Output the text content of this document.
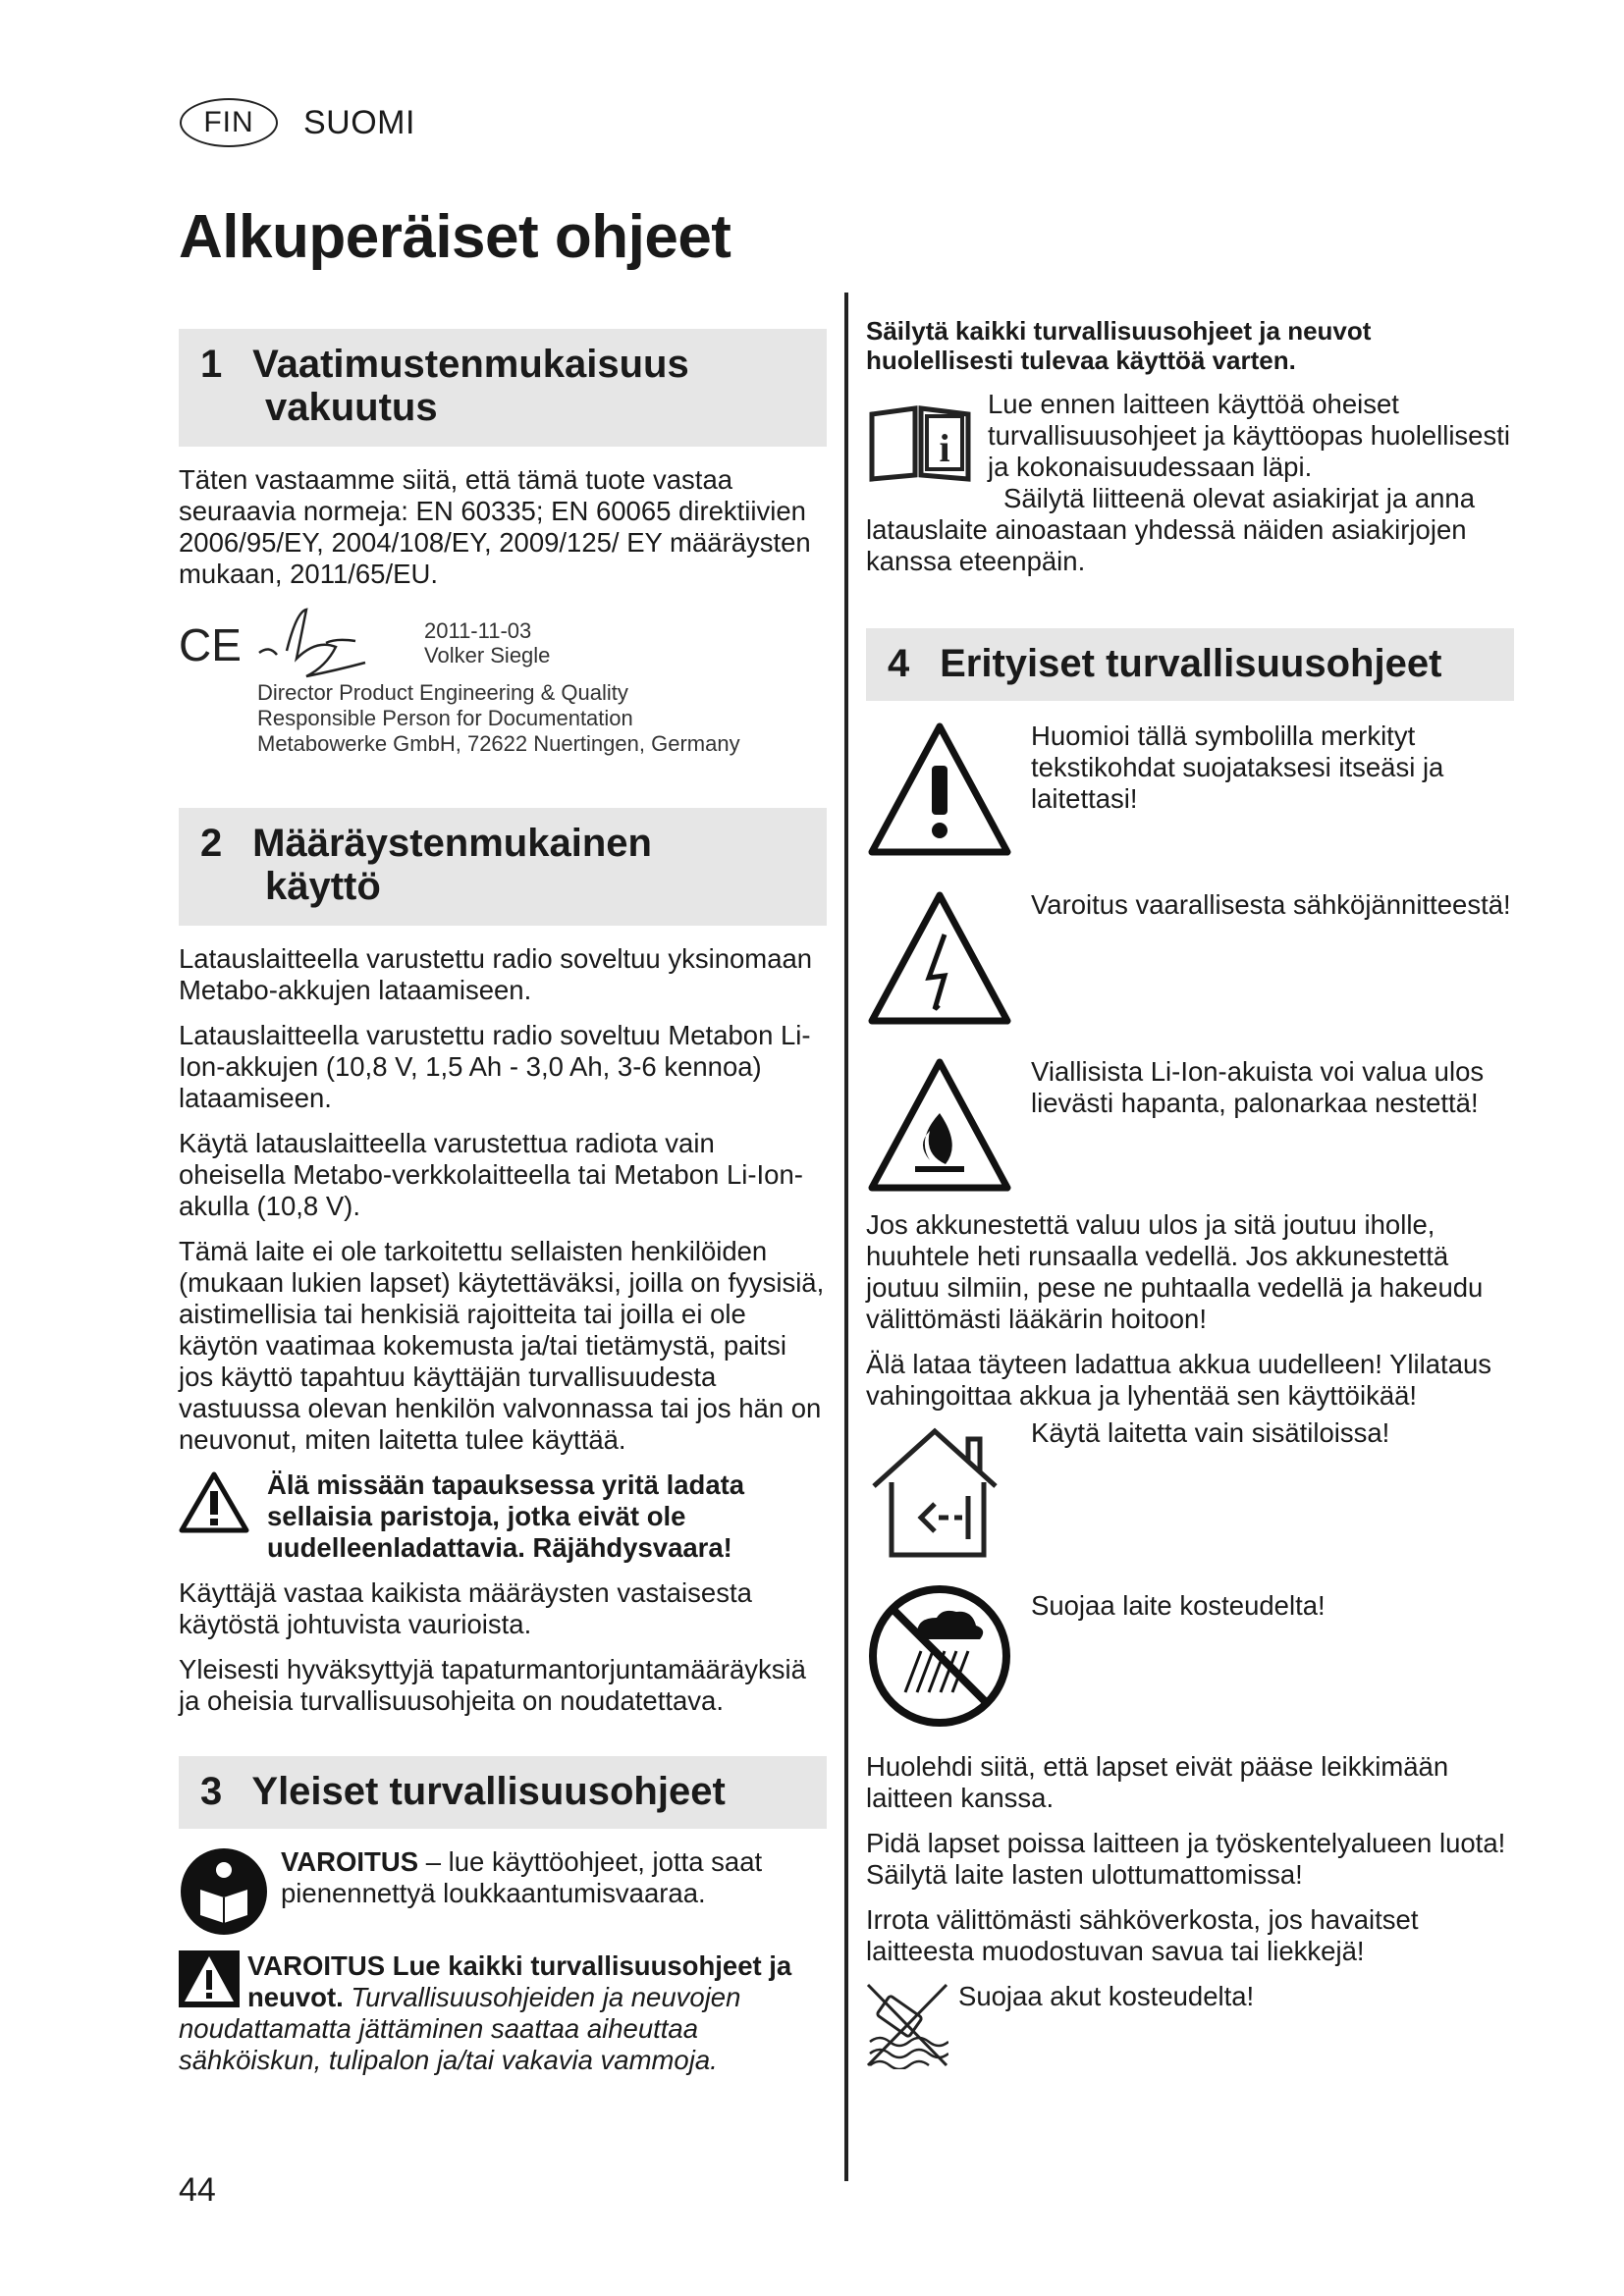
FIN	SUOMI
Alkuperäiset ohjeet
1 Vaatimustenmukaisuus
vakuutus

Täten vastaamme siitä, että tämä tuote vastaa seuraavia normeja: EN 60335; EN 60065 direktiivien 2006/95/EY, 2004/108/EY, 2009/125/ EY määräysten mukaan, 2011/65/EU.

CE	2011-11-03
Volker Siegle
Director Product Engineering & Quality
Responsible Person for Documentation
Metabowerke GmbH, 72622 Nuertingen, Germany
2 Määräystenmukainen
käyttö

Latauslaitteella varustettu radio soveltuu yksinomaan Metabo-akkujen lataamiseen.

Latauslaitteella varustettu radio soveltuu Metabon Li-Ion-akkujen (10,8 V, 1,5 Ah - 3,0 Ah, 3-6 kennoa) lataamiseen.

Käytä latauslaitteella varustettua radiota vain oheisella Metabo-verkkolaitteella tai Metabon Li-Ion-akulla (10,8 V).

Tämä laite ei ole tarkoitettu sellaisten henkilöiden (mukaan lukien lapset) käytettäväksi, joilla on fyysisiä, aistimellisia tai henkisiä rajoitteita tai joilla ei ole käytön vaatimaa kokemusta ja/tai tietämystä, paitsi jos käyttö tapahtuu käyttäjän turvallisuudesta vastuussa olevan henkilön valvonnassa tai jos hän on neuvonut, miten laitetta tulee käyttää.

Älä missään tapauksessa yritä ladata sellaisia paristoja, jotka eivät ole uudelleenladattavia. Räjähdysvaara!

Käyttäjä vastaa kaikista määräysten vastaisesta käytöstä johtuvista vaurioista.

Yleisesti hyväksyttyjä tapaturmantorjuntamääräyksiä ja oheisia turvallisuusohjeita on noudatettava.

3 Yleiset turvallisuusohjeet
VAROITUS – lue käyttöohjeet, jotta saat pienennettyä loukkaantumisvaaraa.
VAROITUS Lue kaikki turvallisuusohjeet ja neuvot. Turvallisuusohjeiden ja neuvojen noudattamatta jättäminen saattaa aiheuttaa sähköiskun, tulipalon ja/tai vakavia vammoja.

Säilytä kaikki turvallisuusohjeet ja neuvot huolellisesti tulevaa käyttöä varten.

i

Lue ennen laitteen käyttöä oheiset turvallisuusohjeet ja käyttöopas huolellisesti ja kokonaisuudessaan läpi.

Säilytä liitteenä olevat asiakirjat ja anna latauslaite ainoastaan yhdessä näiden asiakirjojen kanssa eteenpäin.

4 Erityiset turvallisuusohjeet
Huomioi tällä symbolilla merkityt tekstikohdat suojataksesi itseäsi ja laitettasi!
Varoitus vaarallisesta sähköjännitteestä!
Viallisista Li-Ion-akuista voi valua ulos lievästi hapanta, palonarkaa nestettä!

Jos akkunestettä valuu ulos ja sitä joutuu iholle, huuhtele heti runsaalla vedellä. Jos akkunestettä joutuu silmiin, pese ne puhtaalla vedellä ja hakeudu välittömästi lääkärin hoitoon!

Älä lataa täyteen ladattua akkua uudelleen! Ylilataus vahingoittaa akkua ja lyhentää sen käyttöikää!

Käytä laitetta vain sisätiloissa!
Suojaa laite kosteudelta!

Huolehdi siitä, että lapset eivät pääse leikkimään laitteen kanssa.

Pidä lapset poissa laitteen ja työskentelyalueen luota! Säilytä laite lasten ulottumattomissa!

Irrota välittömästi sähköverkosta, jos havaitset laitteesta muodostuvan savua tai liekkejä!

Suojaa akut kosteudelta!
44
